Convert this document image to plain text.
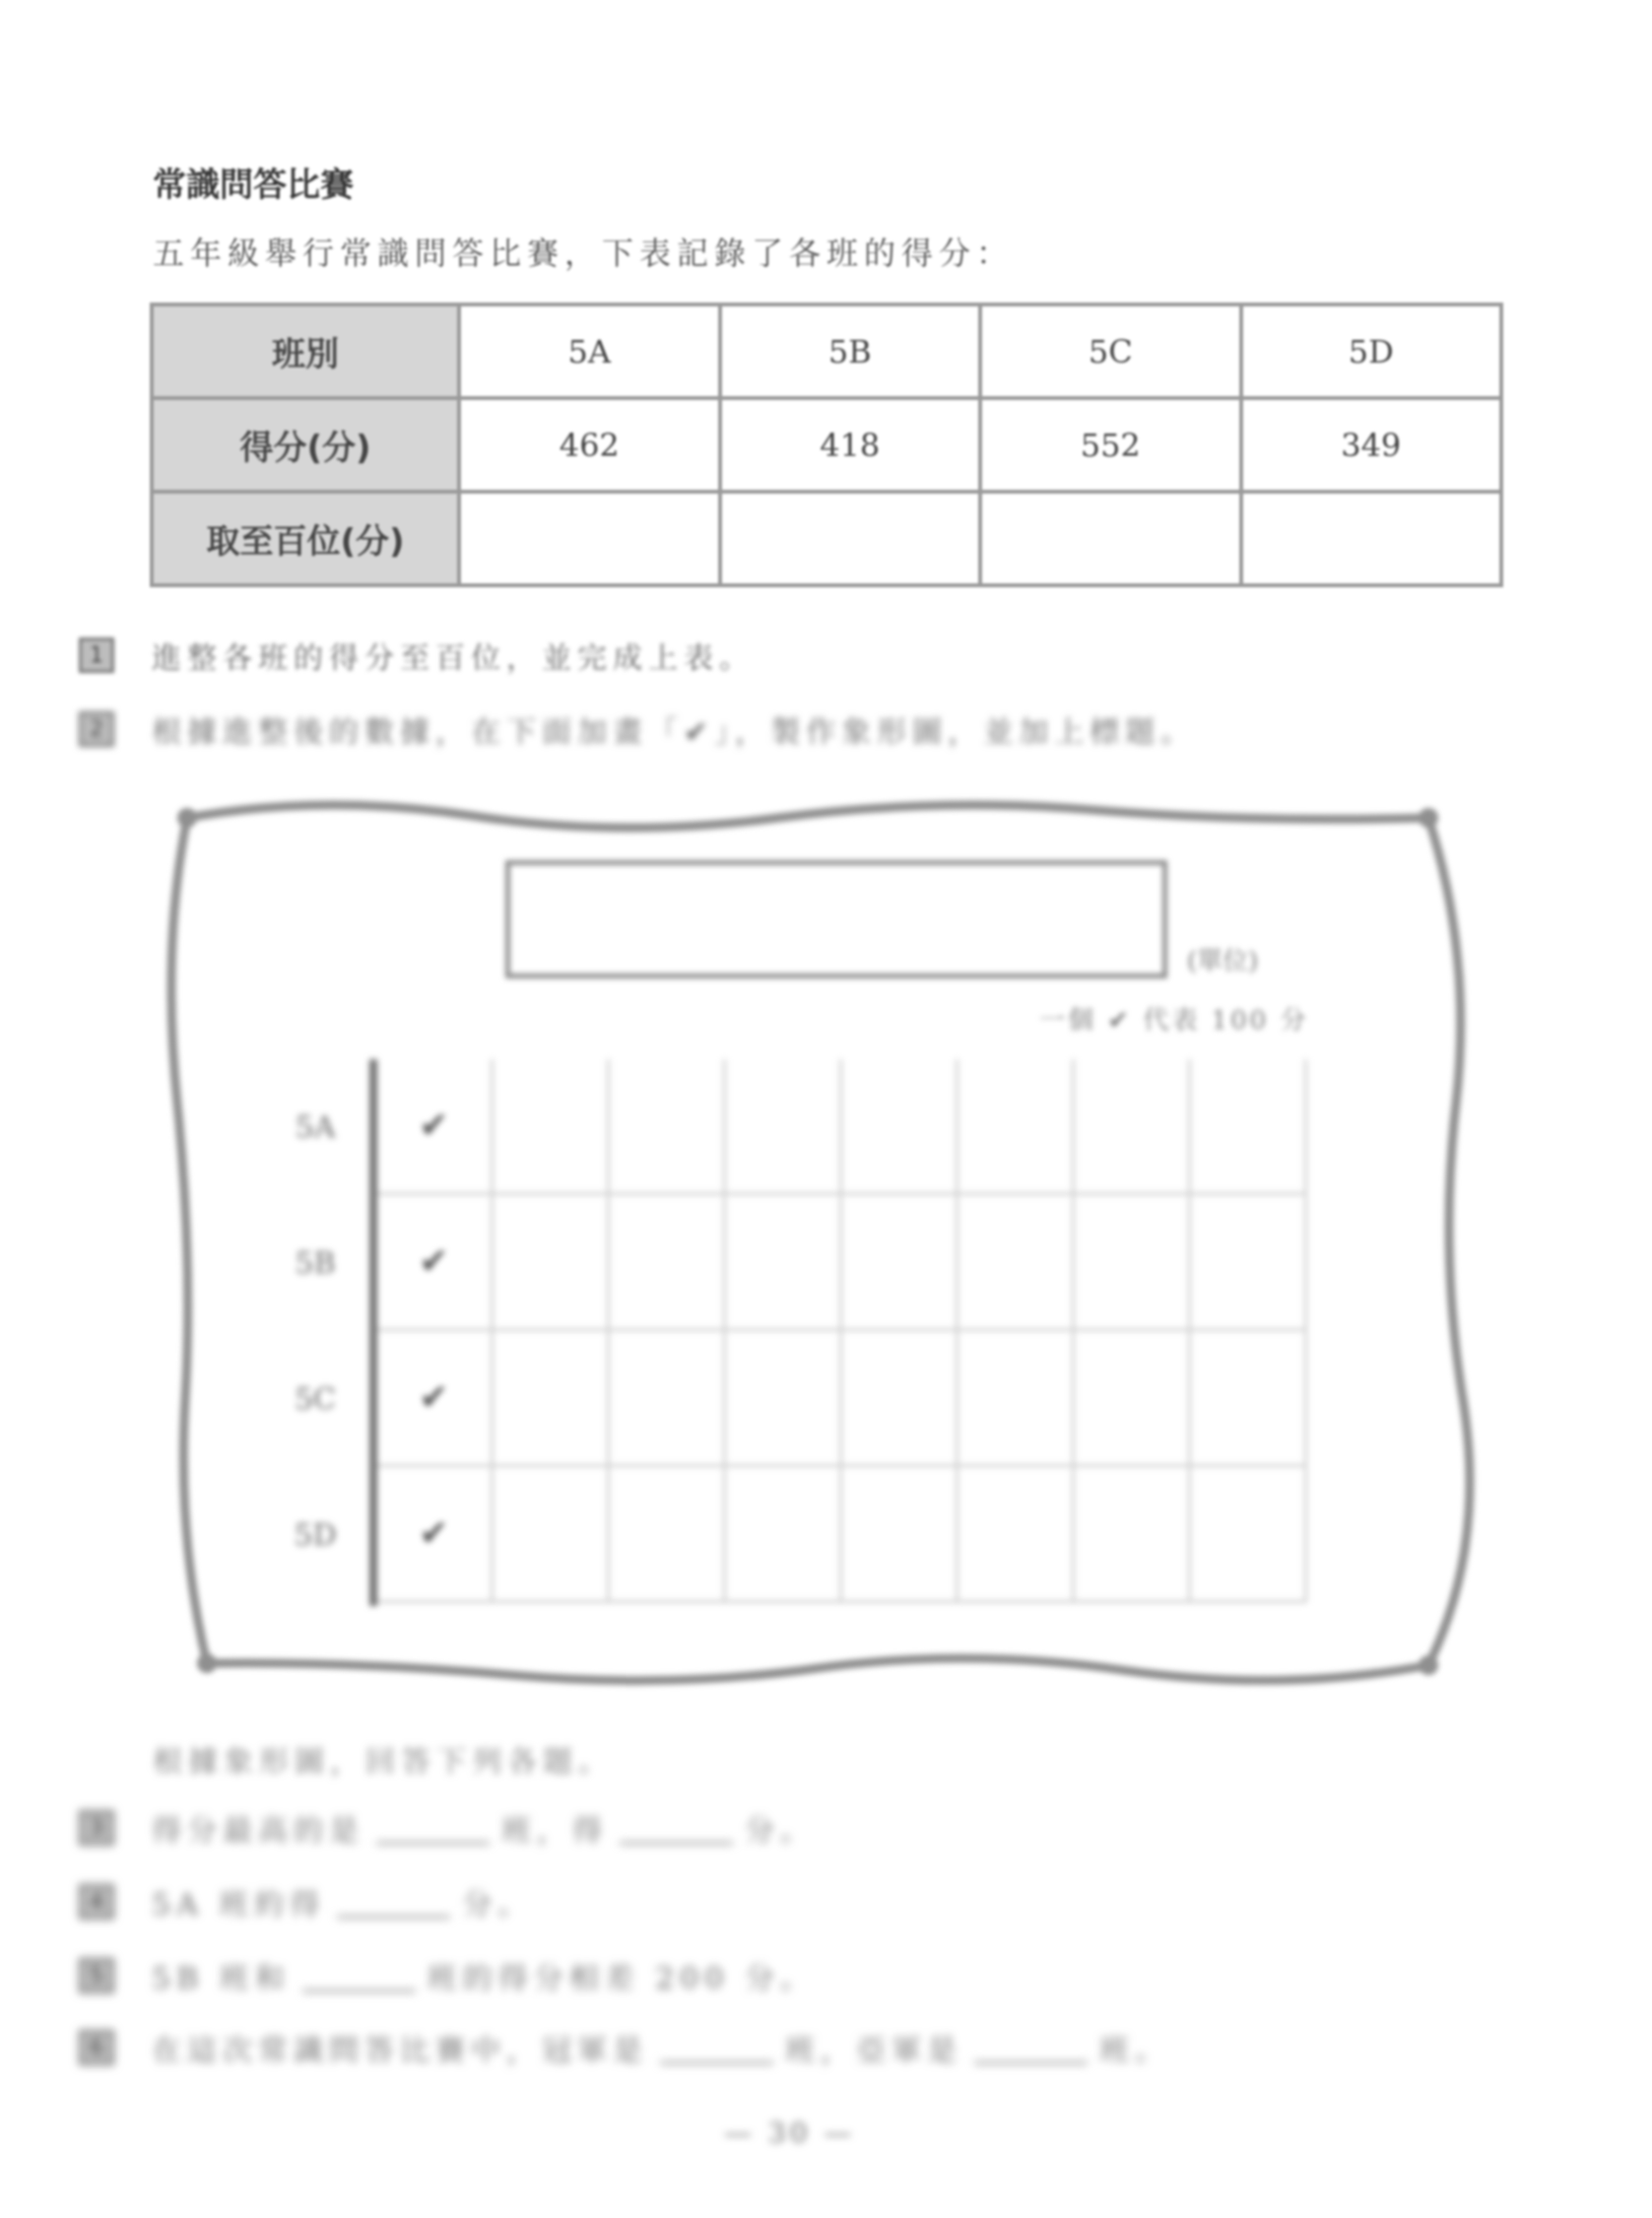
常識問答比賽
五年級舉行常識問答比賽，下表記錄了各班的得分：
班別	5A	5B	5C	5D
得分(分)	462	418	552	349
取至百位(分)				
1	進整各班的得分至百位，並完成上表。
2	根據進整後的數據，在下面加畫「✔」，製作象形圖，並加上標題。
(單位)
一個 ✔ 代表 100 分
5A
5B
5C
5D
✔
✔
✔
✔
根據象形圖，回答下列各題。
3	得分最高的是	班，得	分。
4	5A 班約得	分。
5	5B 班和	班的得分相差 200 分。
6	在這次常識問答比賽中，冠軍是	班，亞軍是	班。
— 30 —
